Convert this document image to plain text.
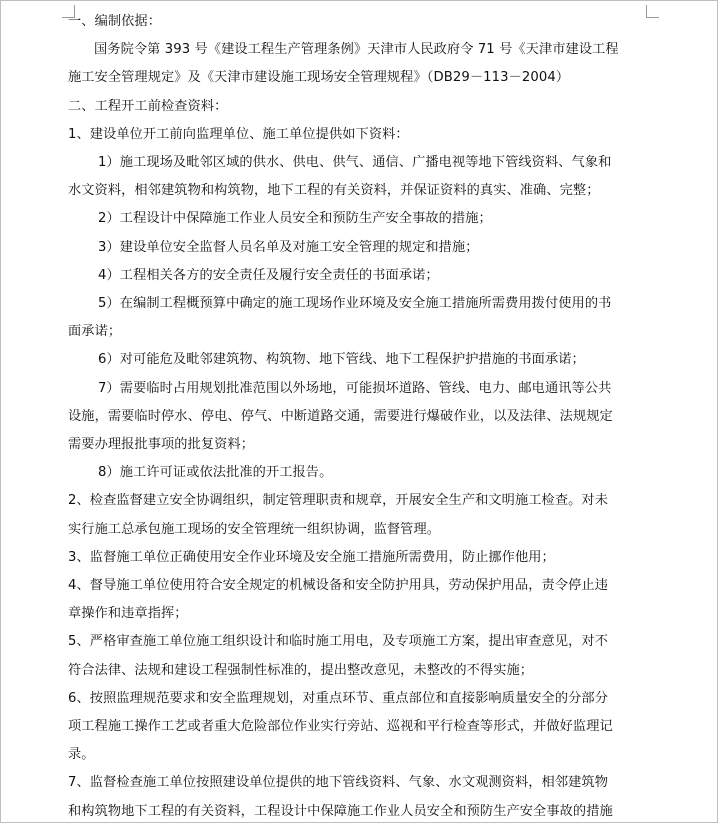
一、编制依据：

国务院令第 393 号《建设工程生产管理条例》天津市人民政府令 71 号《天津市建设工程

施工安全管理规定》及《天津市建设施工现场安全管理规程》（DB29－113－2004）

二、工程开工前检查资料：

1、建设单位开工前向监理单位、施工单位提供如下资料：

1）施工现场及毗邻区域的供水、供电、供气、通信、广播电视等地下管线资料、气象和

水文资料，相邻建筑物和构筑物，地下工程的有关资料，并保证资料的真实、准确、完整；

2）工程设计中保障施工作业人员安全和预防生产安全事故的措施；

3）建设单位安全监督人员名单及对施工安全管理的规定和措施；

4）工程相关各方的安全责任及履行安全责任的书面承诺；

5）在编制工程概预算中确定的施工现场作业环境及安全施工措施所需费用拨付使用的书

面承诺；

6）对可能危及毗邻建筑物、构筑物、地下管线、地下工程保护护措施的书面承诺；

7）需要临时占用规划批准范围以外场地，可能损坏道路、管线、电力、邮电通讯等公共

设施，需要临时停水、停电、停气、中断道路交通，需要进行爆破作业，以及法律、法规规定

需要办理报批事项的批复资料；

8）施工许可证或依法批准的开工报告。

2、检查监督建立安全协调组织，制定管理职责和规章，开展安全生产和文明施工检查。对未

实行施工总承包施工现场的安全管理统一组织协调，监督管理。

3、监督施工单位正确使用安全作业环境及安全施工措施所需费用，防止挪作他用；

4、督导施工单位使用符合安全规定的机械设备和安全防护用具，劳动保护用品，责令停止违

章操作和违章指挥；

5、严格审查施工单位施工组织设计和临时施工用电，及专项施工方案，提出审查意见，对不

符合法律、法规和建设工程强制性标准的，提出整改意见，未整改的不得实施；

6、按照监理规范要求和安全监理规划，对重点环节、重点部位和直接影响质量安全的分部分

项工程施工操作工艺或者重大危险部位作业实行旁站、巡视和平行检查等形式，并做好监理记

录。

7、监督检查施工单位按照建设单位提供的地下管线资料、气象、水文观测资料，相邻建筑物

和构筑物地下工程的有关资料，工程设计中保障施工作业人员安全和预防生产安全事故的措施
